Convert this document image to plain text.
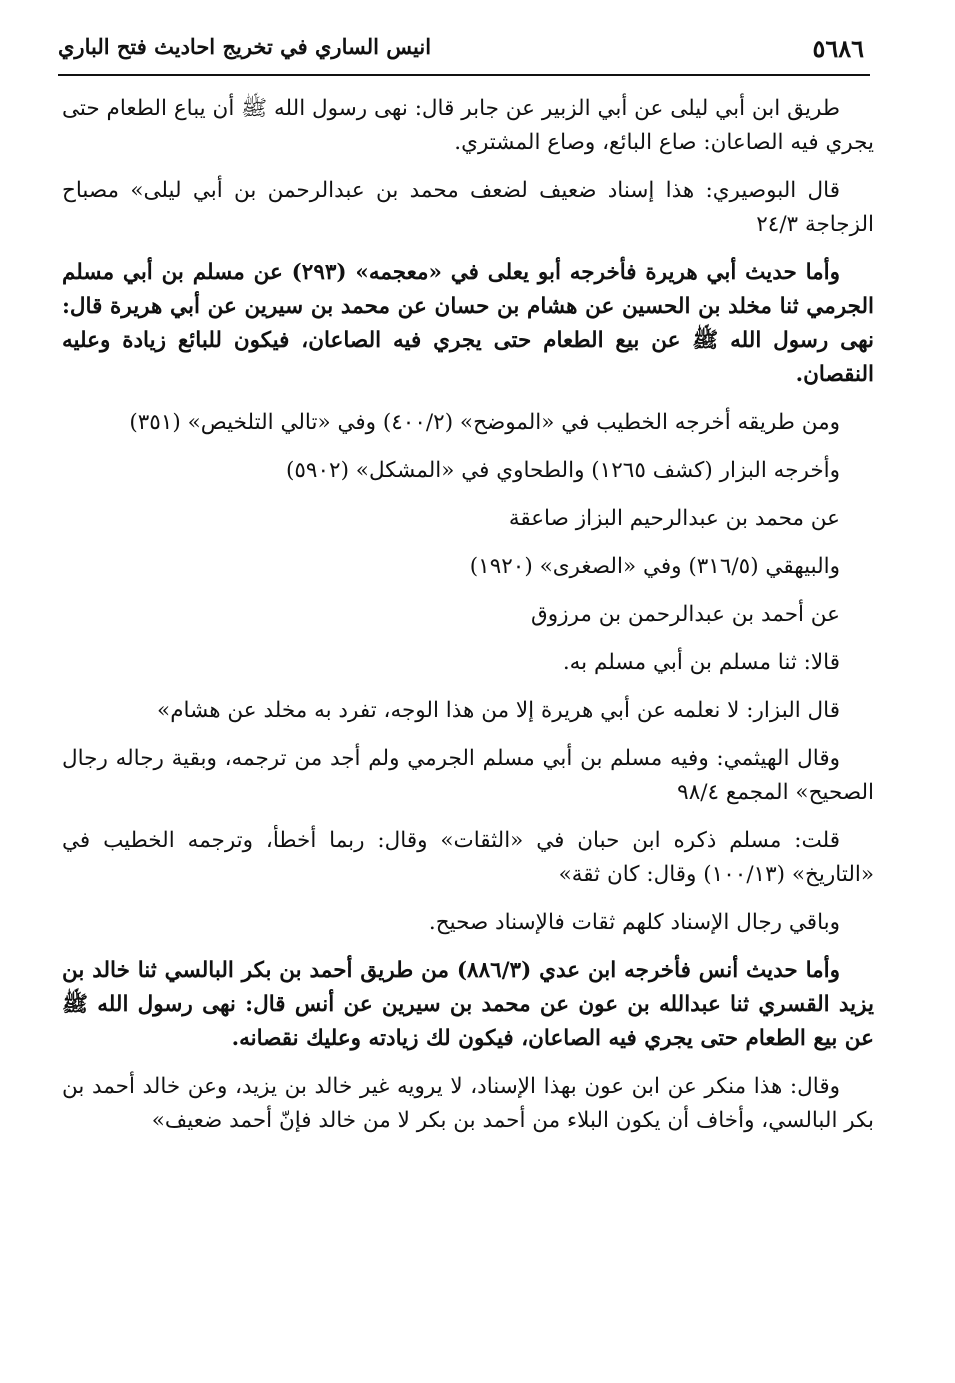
٥٦٨٦
انيس الساري في تخريج احاديث فتح الباري

طريق ابن أبي ليلى عن أبي الزبير عن جابر قال: نهى رسول الله ﷺ أن يباع الطعام حتى يجري فيه الصاعان: صاع البائع، وصاع المشتري.

قال البوصيري: هذا إسناد ضعيف لضعف محمد بن عبدالرحمن بن أبي ليلى» مصباح الزجاجة ٢٤/٣

وأما حديث أبي هريرة فأخرجه أبو يعلى في «معجمه» (٢٩٣) عن مسلم بن أبي مسلم الجرمي ثنا مخلد بن الحسين عن هشام بن حسان عن محمد بن سيرين عن أبي هريرة قال: نهى رسول الله ﷺ عن بيع الطعام حتى يجري فيه الصاعان، فيكون للبائع زيادة وعليه النقصان.

ومن طريقه أخرجه الخطيب في «الموضح» (٤٠٠/٢) وفي «تالي التلخيص» (٣٥١)

وأخرجه البزار (كشف ١٢٦٥) والطحاوي في «المشكل» (٥٩٠٢)

عن محمد بن عبدالرحيم البزاز صاعقة

والبيهقي (٣١٦/٥) وفي «الصغرى» (١٩٢٠)

عن أحمد بن عبدالرحمن بن مرزوق

قالا: ثنا مسلم بن أبي مسلم به.

قال البزار: لا نعلمه عن أبي هريرة إلا من هذا الوجه، تفرد به مخلد عن هشام»

وقال الهيثمي: وفيه مسلم بن أبي مسلم الجرمي ولم أجد من ترجمه، وبقية رجاله رجال الصحيح» المجمع ٩٨/٤

قلت: مسلم ذكره ابن حبان في «الثقات» وقال: ربما أخطأ، وترجمه الخطيب في «التاريخ» (١٠٠/١٣) وقال: كان ثقة»

وباقي رجال الإسناد كلهم ثقات فالإسناد صحيح.

وأما حديث أنس فأخرجه ابن عدي (٨٨٦/٣) من طريق أحمد بن بكر البالسي ثنا خالد بن يزيد القسري ثنا عبدالله بن عون عن محمد بن سيرين عن أنس قال: نهى رسول الله ﷺ عن بيع الطعام حتى يجري فيه الصاعان، فيكون لك زيادته وعليك نقصانه.

وقال: هذا منكر عن ابن عون بهذا الإسناد، لا يرويه غير خالد بن يزيد، وعن خالد أحمد بن بكر البالسي، وأخاف أن يكون البلاء من أحمد بن بكر لا من خالد فإنّ أحمد ضعيف»
